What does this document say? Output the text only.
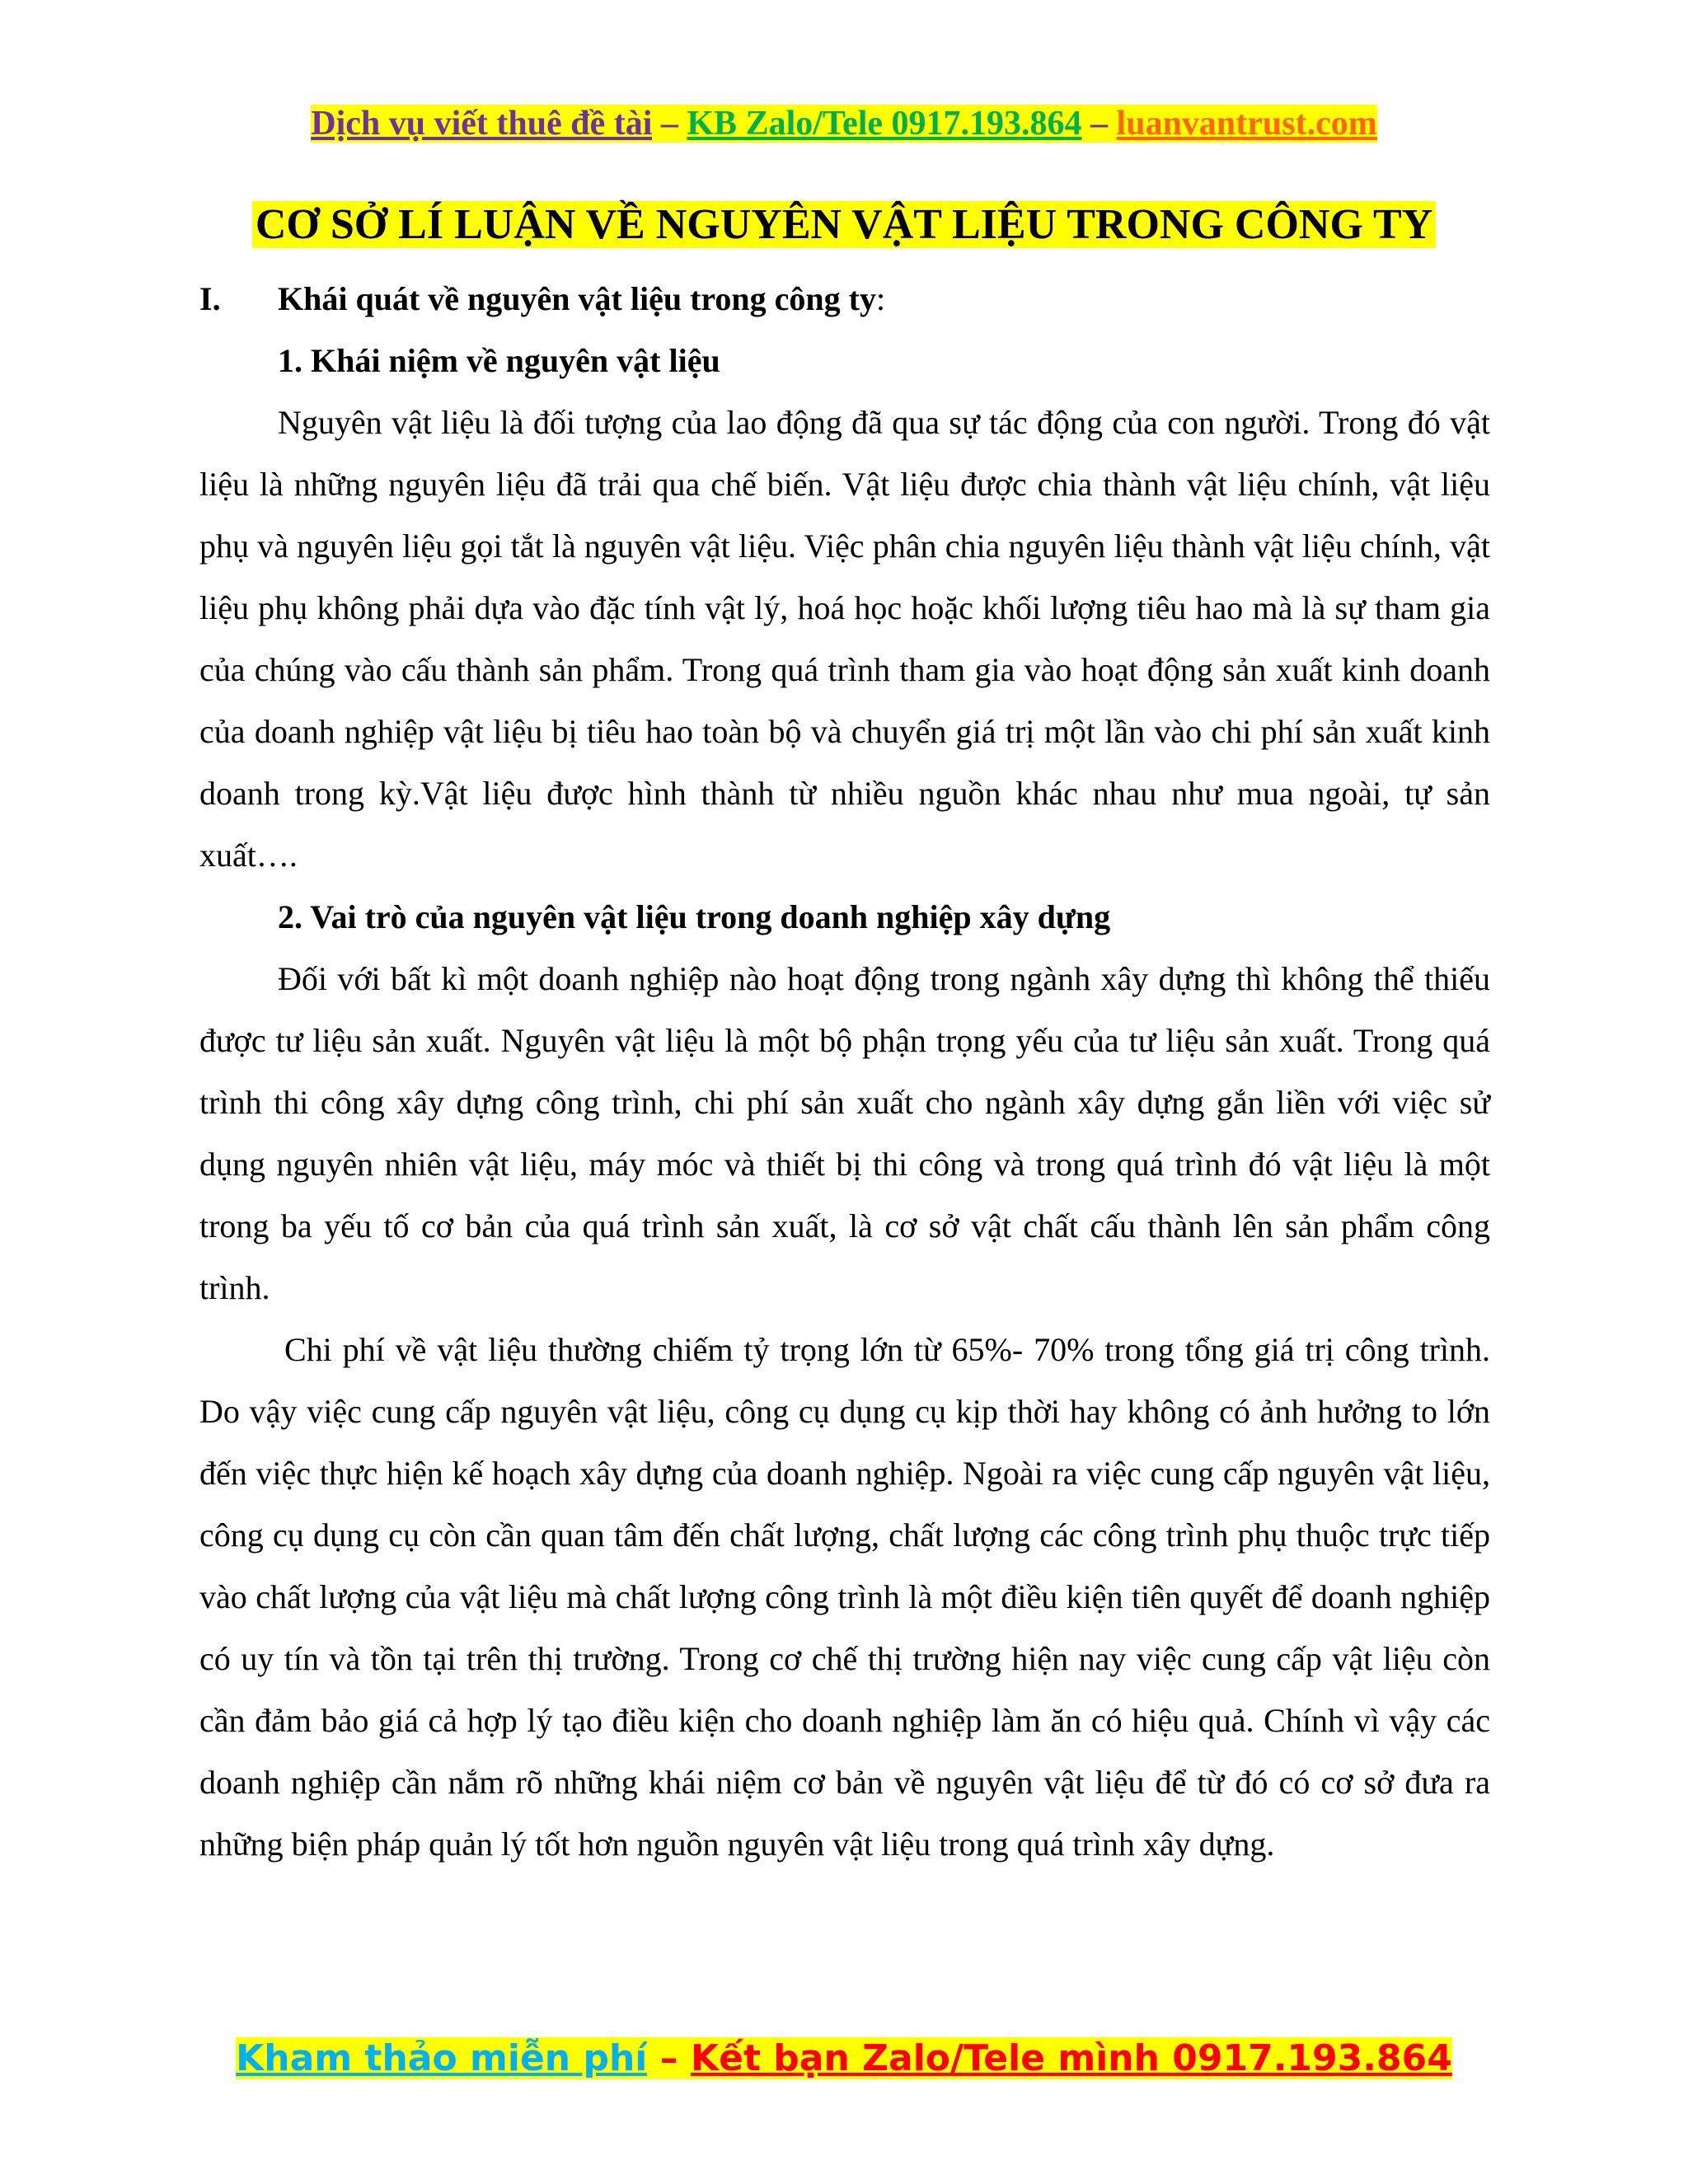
Dịch vụ viết thuê đề tài – KB Zalo/Tele 0917.193.864 – luanvantrust.com
CƠ SỞ LÍ LUẬN VỀ NGUYÊN VẬT LIỆU TRONG CÔNG TY

I. Khái quát về nguyên vật liệu trong công ty:

1. Khái niệm về nguyên vật liệu

Nguyên vật liệu là đối tượng của lao động đã qua sự tác động của con người. Trong đó vật liệu là những nguyên liệu đã trải qua chế biến. Vật liệu được chia thành vật liệu chính, vật liệu phụ và nguyên liệu gọi tắt là nguyên vật liệu. Việc phân chia nguyên liệu thành vật liệu chính, vật liệu phụ không phải dựa vào đặc tính vật lý, hoá học hoặc khối lượng tiêu hao mà là sự tham gia của chúng vào cấu thành sản phẩm. Trong quá trình tham gia vào hoạt động sản xuất kinh doanh của doanh nghiệp vật liệu bị tiêu hao toàn bộ và chuyển giá trị một lần vào chi phí sản xuất kinh doanh trong kỳ.Vật liệu được hình thành từ nhiều nguồn khác nhau như mua ngoài, tự sản xuất….

2. Vai trò của nguyên vật liệu trong doanh nghiệp xây dựng

Đối với bất kì một doanh nghiệp nào hoạt động trong ngành xây dựng thì không thể thiếu được tư liệu sản xuất. Nguyên vật liệu là một bộ phận trọng yếu của tư liệu sản xuất. Trong quá trình thi công xây dựng công trình, chi phí sản xuất cho ngành xây dựng gắn liền với việc sử dụng nguyên nhiên vật liệu, máy móc và thiết bị thi công và trong quá trình đó vật liệu là một trong ba yếu tố cơ bản của quá trình sản xuất, là cơ sở vật chất cấu thành lên sản phẩm công trình.

Chi phí về vật liệu thường chiếm tỷ trọng lớn từ 65%- 70% trong tổng giá trị công trình. Do vậy việc cung cấp nguyên vật liệu, công cụ dụng cụ kịp thời hay không có ảnh hưởng to lớn đến việc thực hiện kế hoạch xây dựng của doanh nghiệp. Ngoài ra việc cung cấp nguyên vật liệu, công cụ dụng cụ còn cần quan tâm đến chất lượng, chất lượng các công trình phụ thuộc trực tiếp vào chất lượng của vật liệu mà chất lượng công trình là một điều kiện tiên quyết để doanh nghiệp có uy tín và tồn tại trên thị trường. Trong cơ chế thị trường hiện nay việc cung cấp vật liệu còn cần đảm bảo giá cả hợp lý tạo điều kiện cho doanh nghiệp làm ăn có hiệu quả. Chính vì vậy các doanh nghiệp cần nắm rõ những khái niệm cơ bản về nguyên vật liệu để từ đó có cơ sở đưa ra những biện pháp quản lý tốt hơn nguồn nguyên vật liệu trong quá trình xây dựng.

Kham thảo miễn phí – Kết bạn Zalo/Tele mình 0917.193.864
